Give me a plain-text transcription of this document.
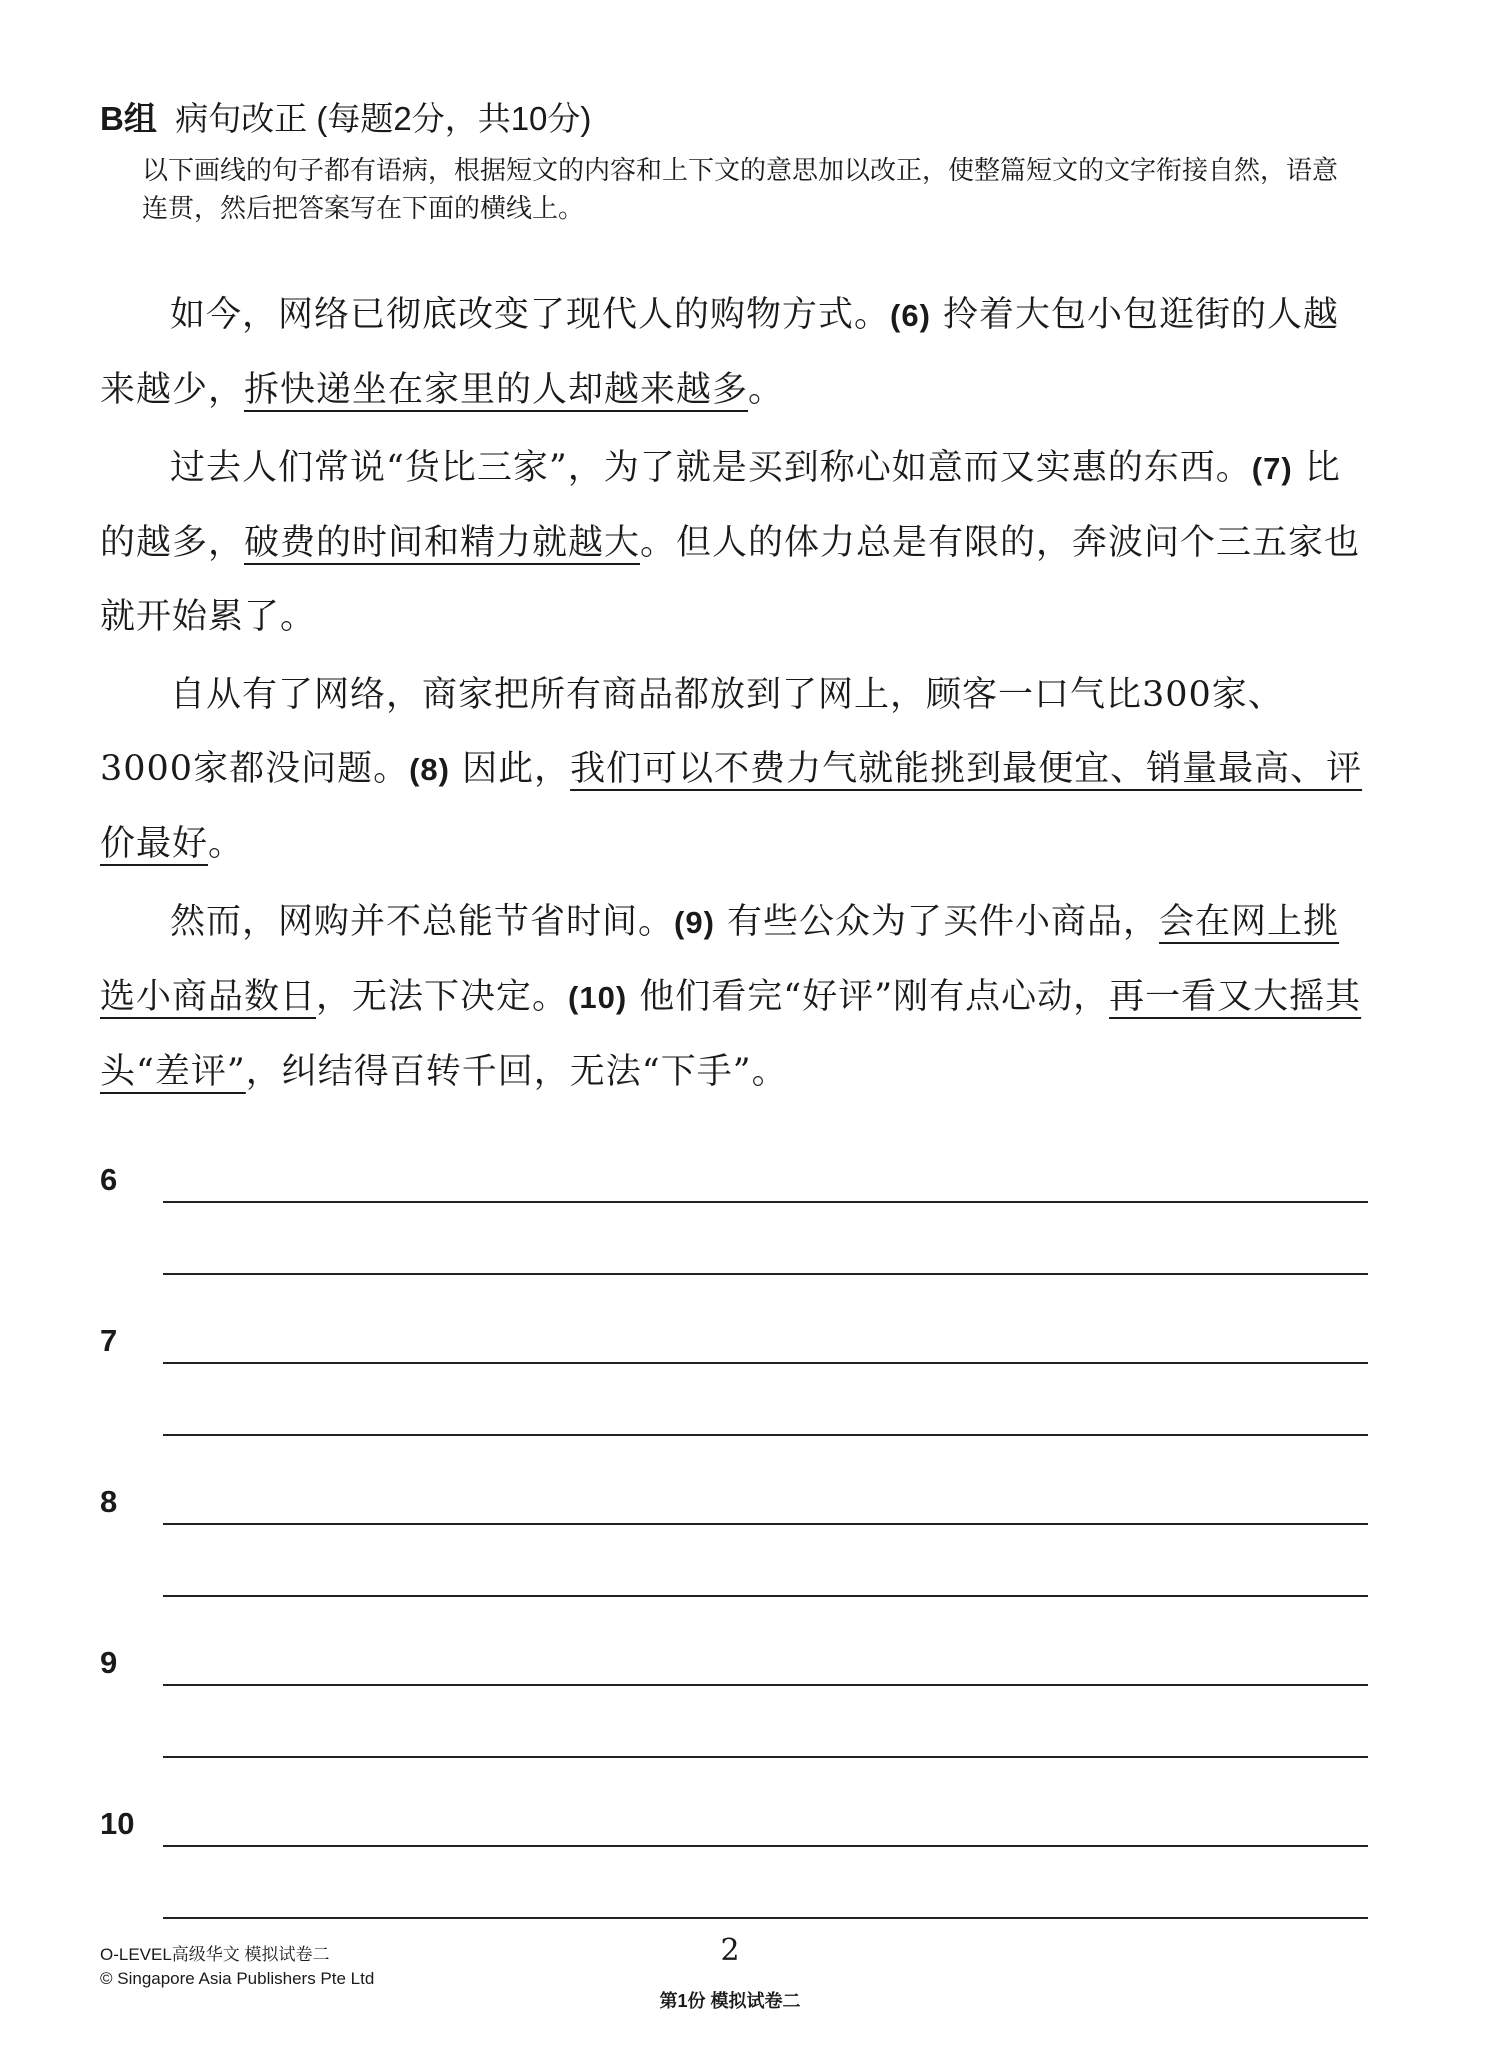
B组 病句改正 (每题2分，共10分)
以下画线的句子都有语病，根据短文的内容和上下文的意思加以改正，使整篇短文的文字衔接自然，语意连贯，然后把答案写在下面的横线上。

如今，网络已彻底改变了现代人的购物方式。(6) 拎着大包小包逛街的人越来越少，拆快递坐在家里的人却越来越多。

过去人们常说“货比三家”，为了就是买到称心如意而又实惠的东西。(7) 比的越多，破费的时间和精力就越大。但人的体力总是有限的，奔波问个三五家也就开始累了。

自从有了网络，商家把所有商品都放到了网上，顾客一口气比300家、3000家都没问题。(8) 因此，我们可以不费力气就能挑到最便宜、销量最高、评价最好。

然而，网购并不总能节省时间。(9) 有些公众为了买件小商品，会在网上挑选小商品数日，无法下决定。(10) 他们看完“好评”刚有点心动，再一看又大摇其头“差评”，纠结得百转千回，无法“下手”。

6
7
8
9
10
O-LEVEL高级华文 模拟试卷二
© Singapore Asia Publishers Pte Ltd
2
第1份 模拟试卷二
